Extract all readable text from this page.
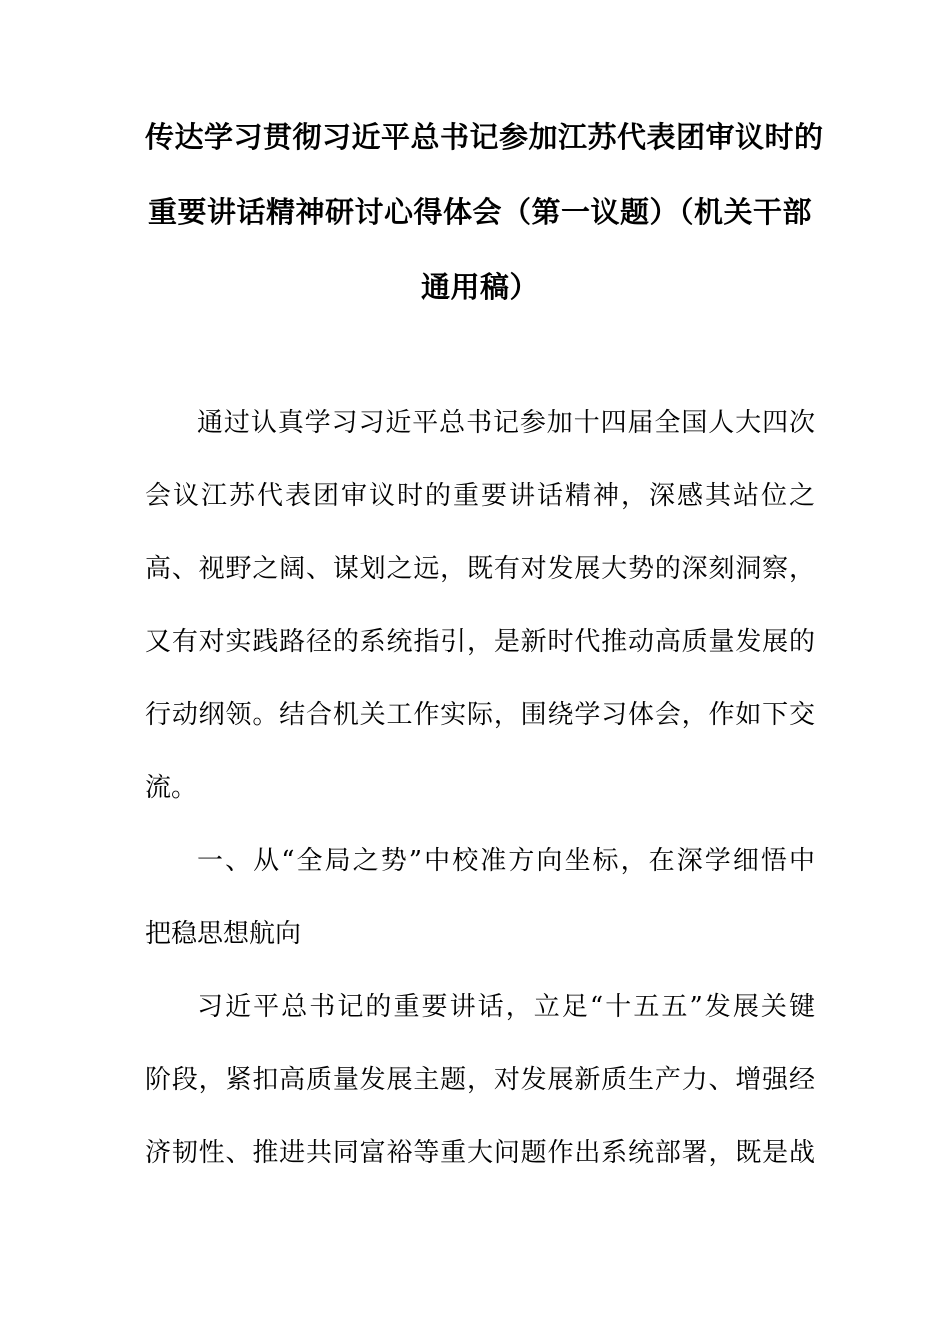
传达学习贯彻习近平总书记参加江苏代表团审议时的
重要讲话精神研讨心得体会（第一议题）（机关干部
通用稿）
通过认真学习习近平总书记参加十四届全国人大四次
会议江苏代表团审议时的重要讲话精神，深感其站位之
高、视野之阔、谋划之远，既有对发展大势的深刻洞察，
又有对实践路径的系统指引，是新时代推动高质量发展的
行动纲领。结合机关工作实际，围绕学习体会，作如下交
流。
一、从“全局之势”中校准方向坐标，在深学细悟中
把稳思想航向
习近平总书记的重要讲话，立足“十五五”发展关键
阶段，紧扣高质量发展主题，对发展新质生产力、增强经
济韧性、推进共同富裕等重大问题作出系统部署，既是战
